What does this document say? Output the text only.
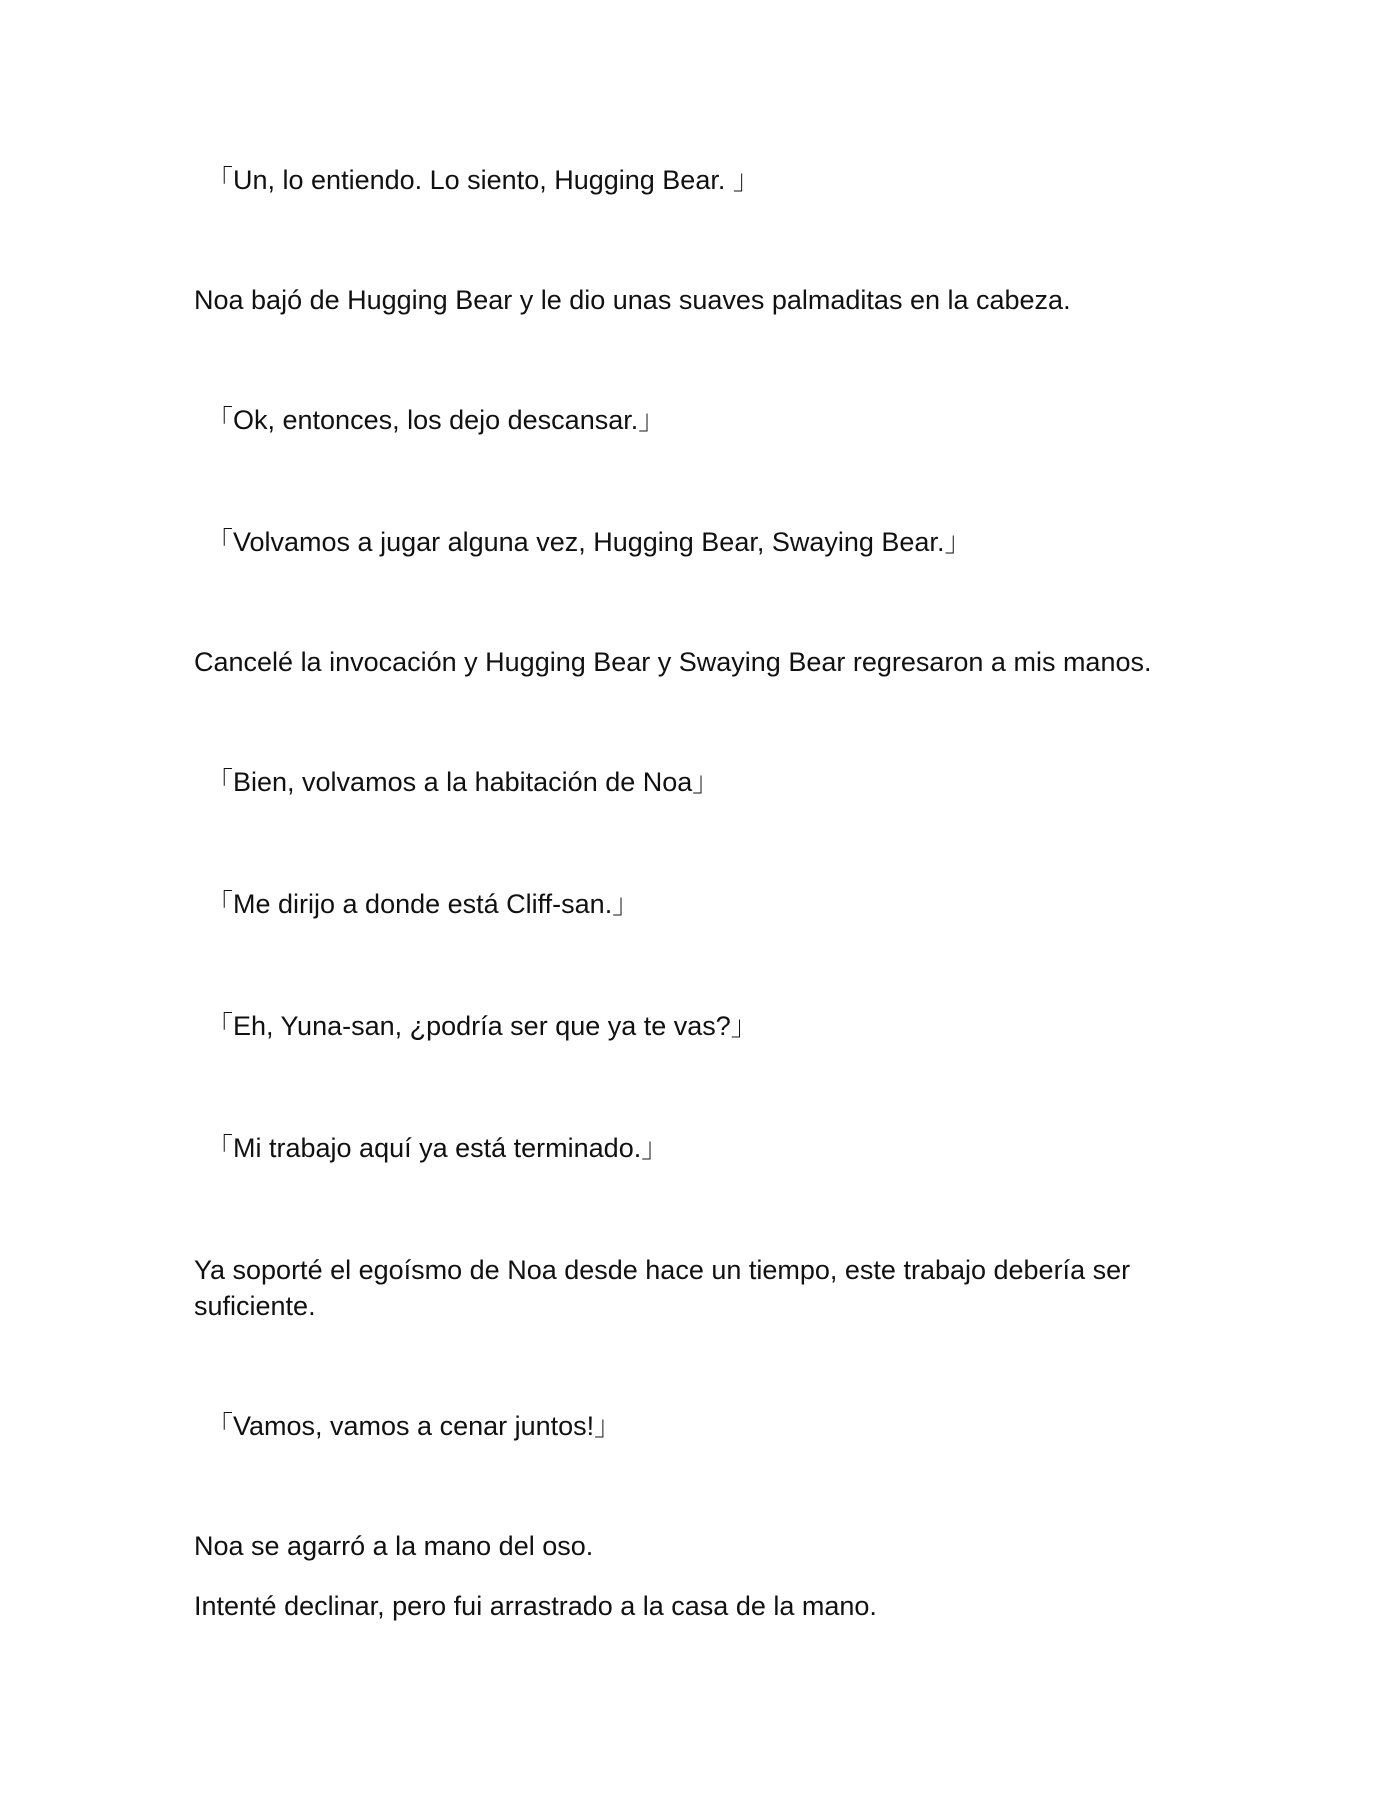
「Un, lo entiendo. Lo siento, Hugging Bear. 」

Noa bajó de Hugging Bear y le dio unas suaves palmaditas en la cabeza.

「Ok, entonces, los dejo descansar.」

「Volvamos a jugar alguna vez, Hugging Bear, Swaying Bear.」

Cancelé la invocación y Hugging Bear y Swaying Bear regresaron a mis manos.

「Bien, volvamos a la habitación de Noa」

「Me dirijo a donde está Cliff-san.」

「Eh, Yuna-san, ¿podría ser que ya te vas?」

「Mi trabajo aquí ya está terminado.」

Ya soporté el egoísmo de Noa desde hace un tiempo, este trabajo debería ser suficiente.

「Vamos, vamos a cenar juntos!」

Noa se agarró a la mano del oso.

Intenté declinar, pero fui arrastrado a la casa de la mano.
